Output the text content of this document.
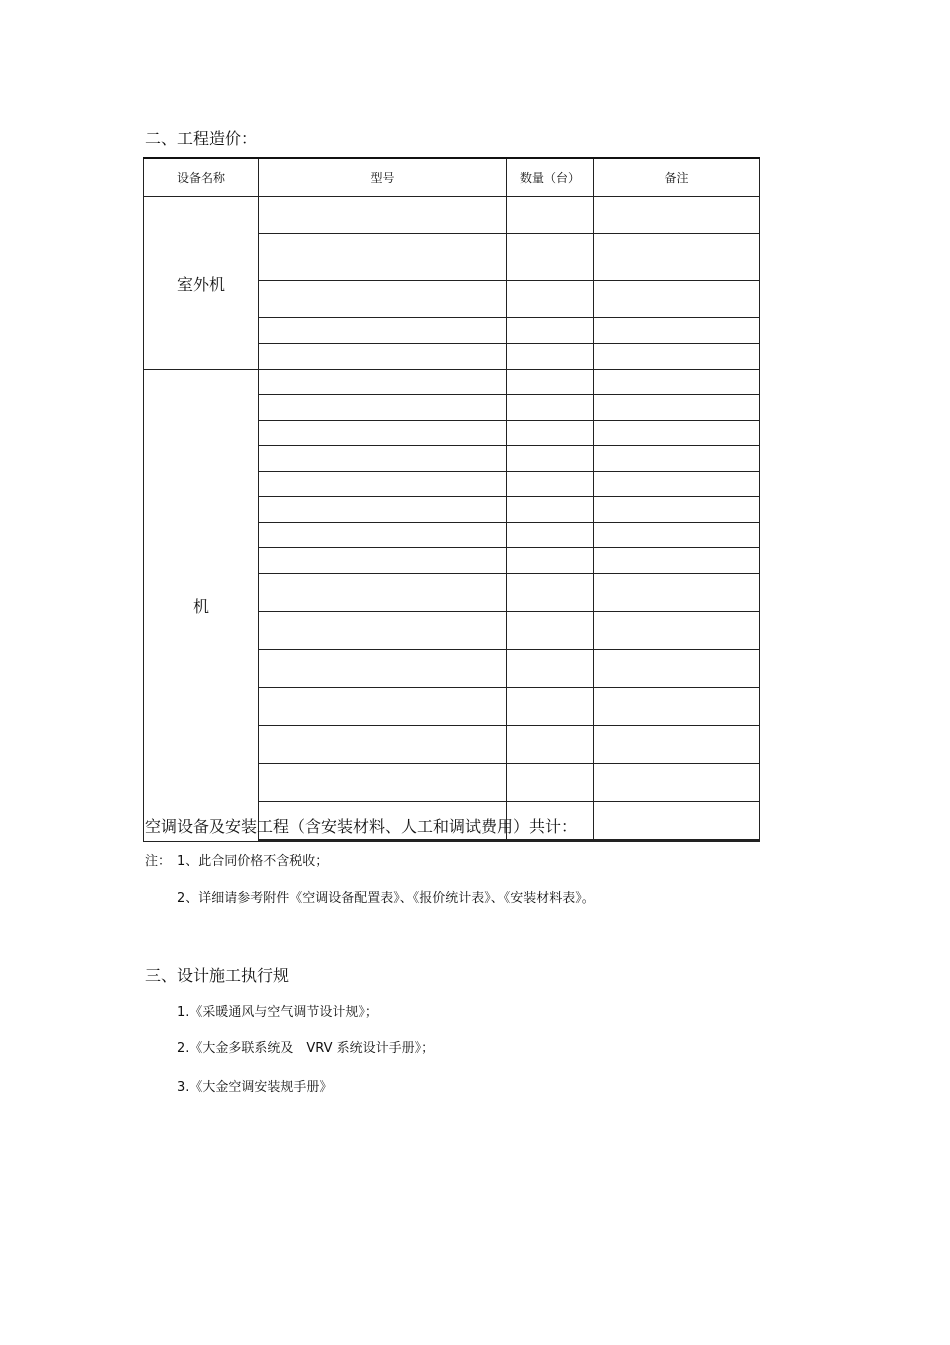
二、工程造价：
设备名称	型号	数量（台）	备注
室外机			

机			

空调设备及安装工程（含安装材料、人工和调试费用）共计：
注： 1、此合同价格不含税收；
2、详细请参考附件《空调设备配置表》、《报价统计表》、《安装材料表》。
三、设计施工执行规
1.《采暖通风与空气调节设计规》；
2.《大金多联系统及　VRV 系统设计手册》；
3.《大金空调安装规手册》
